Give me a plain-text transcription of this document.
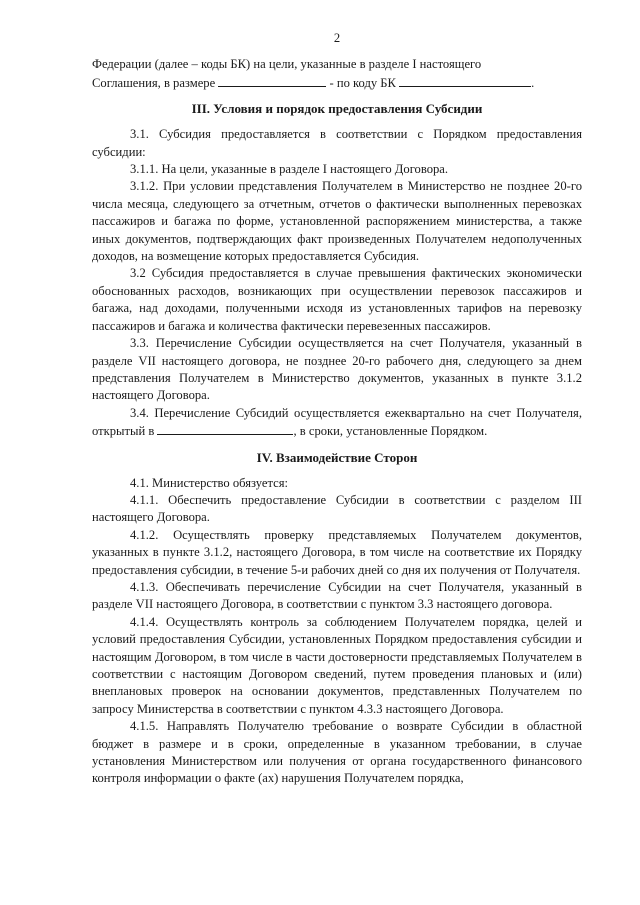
2

Федерации (далее – коды БК) на цели, указанные в разделе I настоящего

Соглашения, в размере	- по коду БК	.

III. Условия и порядок предоставления Субсидии

3.1. Субсидия предоставляется в соответствии с Порядком предоставления субсидии:

3.1.1. На цели, указанные в разделе I настоящего Договора.

3.1.2. При условии представления Получателем в Министерство не позднее 20-го числа месяца, следующего за отчетным, отчетов о фактически выполненных перевозках пассажиров и багажа по форме, установленной распоряжением министерства, а также иных документов, подтверждающих факт произведенных Получателем недополученных доходов, на возмещение которых предоставляется Субсидия.

3.2 Субсидия предоставляется в случае превышения фактических экономически обоснованных расходов, возникающих при осуществлении перевозок пассажиров и багажа, над доходами, полученными исходя из установленных тарифов на перевозку пассажиров и багажа и количества фактически перевезенных пассажиров.

3.3. Перечисление Субсидии осуществляется на счет Получателя, указанный в разделе VII настоящего договора, не позднее 20-го рабочего дня, следующего за днем представления Получателем в Министерство документов, указанных в пункте 3.1.2 настоящего Договора.

3.4. Перечисление Субсидий осуществляется ежеквартально на счет Получателя, открытый в	, в сроки, установленные Порядком.

IV. Взаимодействие Сторон

4.1. Министерство обязуется:

4.1.1. Обеспечить предоставление Субсидии в соответствии с разделом III настоящего Договора.

4.1.2. Осуществлять проверку представляемых Получателем документов, указанных в пункте 3.1.2, настоящего Договора, в том числе на соответствие их Порядку предоставления субсидии, в течение 5-и рабочих дней со дня их получения от Получателя.

4.1.3. Обеспечивать перечисление Субсидии на счет Получателя, указанный в разделе VII настоящего Договора, в соответствии с пунктом 3.3 настоящего договора.

4.1.4. Осуществлять контроль за соблюдением Получателем порядка, целей и условий предоставления Субсидии, установленных Порядком предоставления субсидии и настоящим Договором, в том числе в части достоверности представляемых Получателем в соответствии с настоящим Договором сведений, путем проведения плановых и (или) внеплановых проверок на основании документов, представленных Получателем по запросу Министерства в соответствии с пунктом 4.3.3 настоящего Договора.

4.1.5. Направлять Получателю требование о возврате Субсидии в областной бюджет в размере и в сроки, определенные в указанном требовании, в случае установления Министерством или получения от органа государственного финансового контроля информации о факте (ах) нарушения Получателем порядка,
